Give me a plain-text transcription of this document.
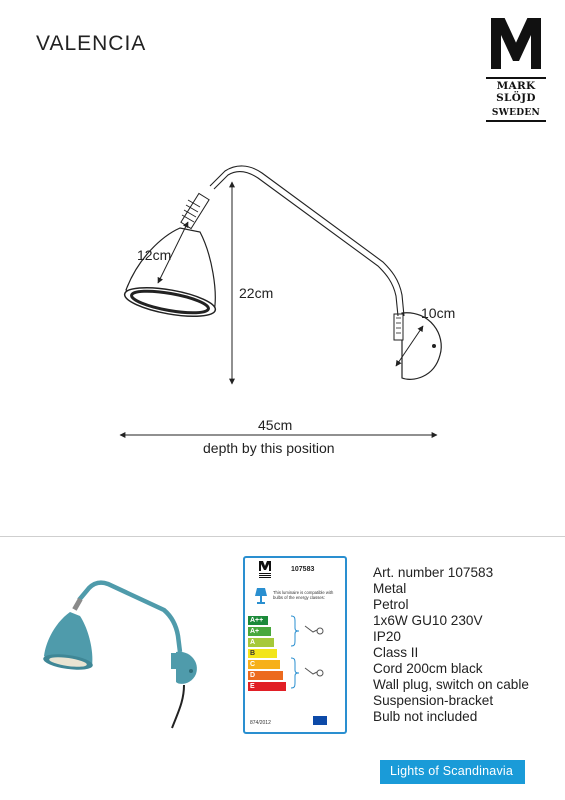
VALENCIA
MARK
SLÖJD
SWEDEN
12cm
22cm
10cm
45cm
depth by this position
107583
This luminaire is compatible with bulbs of the energy classes:
A++
A+
A
B
C
D
E
874/2012
Art. number 107583
Metal
Petrol
1x6W GU10 230V
IP20
Class II
Cord 200cm black
Wall plug, switch on cable
Suspension-bracket
Bulb not included
Lights of Scandinavia
